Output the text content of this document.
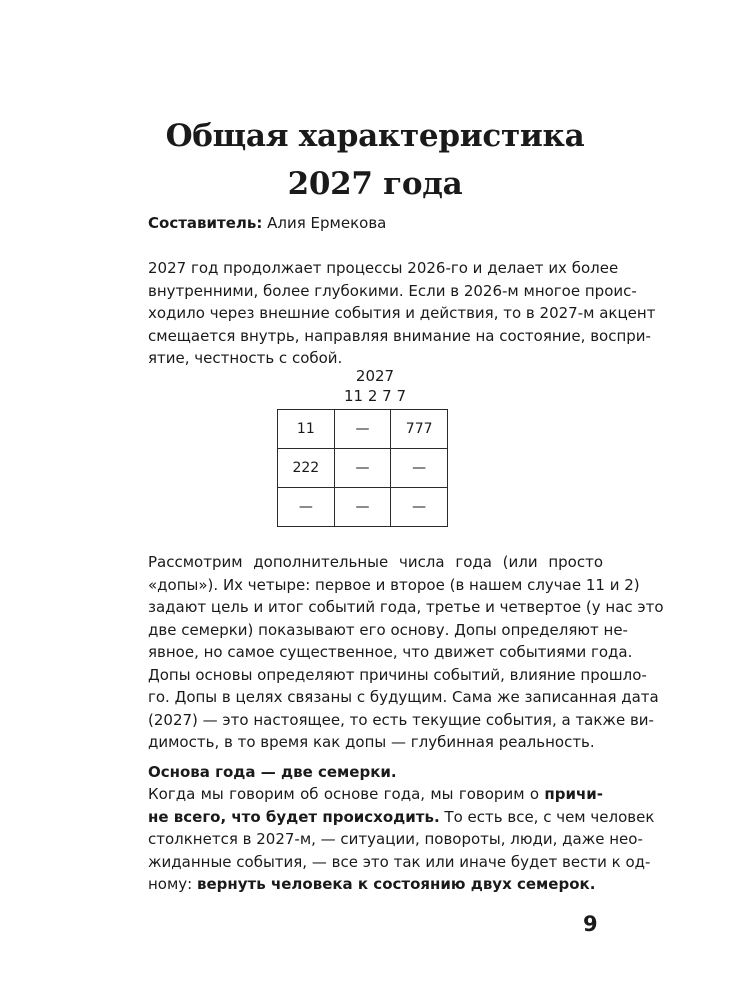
Общая характеристика
2027 года

Составитель: Алия Ермекова

2027 год продолжает процессы 2026-го и делает их более
внутренними, более глубокими. Если в 2026-м многое проис-
ходило через внешние события и действия, то в 2027-м акцент
смещается внутрь, направляя внимание на состояние, воспри-
ятие, честность с собой.
2027
11 2 7 7
11	—	777
222	—	—
—	—	—
Рассмотрим дополнительные числа года (или просто
«допы»). Их четыре: первое и второе (в нашем случае 11 и 2)
задают цель и итог событий года, третье и четвертое (у нас это
две семерки) показывают его основу. Допы определяют не-
явное, но самое существенное, что движет событиями года.
Допы основы определяют причины событий, влияние прошло-
го. Допы в целях связаны с будущим. Сама же записанная дата
(2027) — это настоящее, то есть текущие события, а также ви-
димость, в то время как допы — глубинная реальность.

Основа года — две семерки.

Когда мы говорим об основе года, мы говорим о причи-
не всего, что будет происходить. То есть все, с чем человек
столкнется в 2027-м, — ситуации, повороты, люди, даже нео-
жиданные события, — все это так или иначе будет вести к од-
ному: вернуть человека к состоянию двух семерок.
9
